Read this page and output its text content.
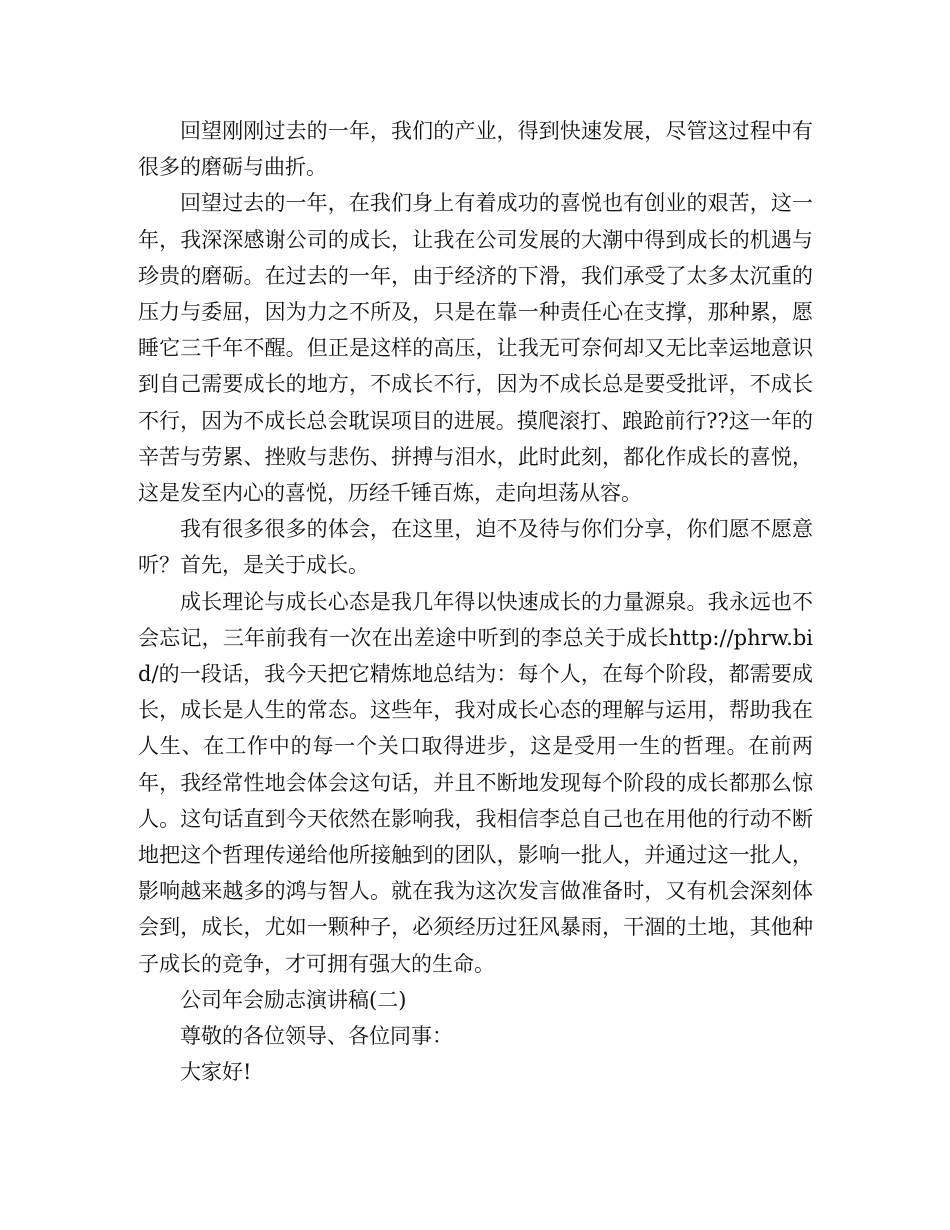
回望刚刚过去的一年，我们的产业，得到快速发展，尽管这过程中有很多的磨砺与曲折。

回望过去的一年，在我们身上有着成功的喜悦也有创业的艰苦，这一年，我深深感谢公司的成长，让我在公司发展的大潮中得到成长的机遇与珍贵的磨砺。在过去的一年，由于经济的下滑，我们承受了太多太沉重的压力与委屈，因为力之不所及，只是在靠一种责任心在支撑，那种累，愿睡它三千年不醒。但正是这样的高压，让我无可奈何却又无比幸运地意识到自己需要成长的地方，不成长不行，因为不成长总是要受批评，不成长不行，因为不成长总会耽误项目的进展。摸爬滚打、踉跄前行??这一年的辛苦与劳累、挫败与悲伤、拼搏与泪水，此时此刻，都化作成长的喜悦，这是发至内心的喜悦，历经千锤百炼，走向坦荡从容。

我有很多很多的体会，在这里，迫不及待与你们分享，你们愿不愿意听？首先，是关于成长。

成长理论与成长心态是我几年得以快速成长的力量源泉。我永远也不会忘记，三年前我有一次在出差途中听到的李总关于成长http://phrw.bid/的一段话，我今天把它精炼地总结为：每个人，在每个阶段，都需要成长，成长是人生的常态。这些年，我对成长心态的理解与运用，帮助我在人生、在工作中的每一个关口取得进步，这是受用一生的哲理。在前两年，我经常性地会体会这句话，并且不断地发现每个阶段的成长都那么惊人。这句话直到今天依然在影响我，我相信李总自己也在用他的行动不断地把这个哲理传递给他所接触到的团队，影响一批人，并通过这一批人，影响越来越多的鸿与智人。就在我为这次发言做准备时，又有机会深刻体会到，成长，尤如一颗种子，必须经历过狂风暴雨，干涸的土地，其他种子成长的竞争，才可拥有强大的生命。

公司年会励志演讲稿(二)

尊敬的各位领导、各位同事：

大家好!
